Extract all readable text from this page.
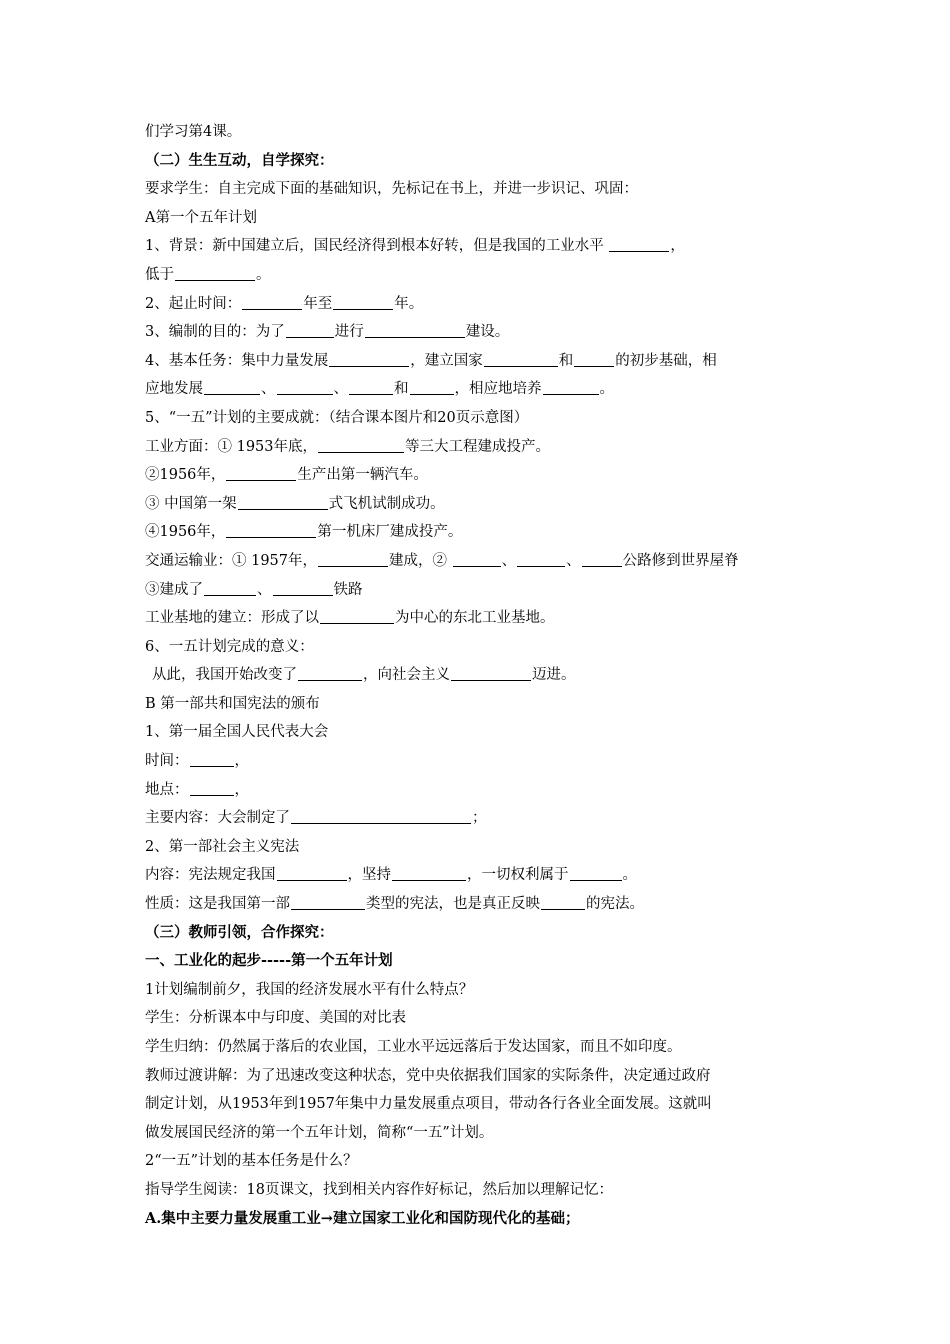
们学习第4课。
（二）生生互动，自学探究：
要求学生：自主完成下面的基础知识，先标记在书上，并进一步识记、巩固：
A第一个五年计划
1、背景：新中国建立后，国民经济得到根本好转，但是我国的工业水平	，
低于	。
2、起止时间：	年至	年。
3、编制的目的：为了	进行	建设。
4、基本任务：集中力量发展	，建立国家	和	的初步基础，相
应地发展	、	、	和	，相应地培养	。
5、“一五”计划的主要成就：（结合课本图片和20页示意图）
工业方面：① 1953年底，	等三大工程建成投产。
②1956年，	生产出第一辆汽车。
③ 中国第一架	式飞机试制成功。
④1956年，	第一机床厂建成投产。
交通运输业：① 1957年，	建成，②	、	、	公路修到世界屋脊
③建成了	、	铁路
工业基地的建立：形成了以	为中心的东北工业基地。
6、一五计划完成的意义：
从此，我国开始改变了	，向社会主义	迈进。
B 第一部共和国宪法的颁布
1、第一届全国人民代表大会
时间：	，
地点：	，
主要内容：大会制定了	；
2、第一部社会主义宪法
内容：宪法规定我国	，坚持	，一切权利属于	。
性质：这是我国第一部	类型的宪法，也是真正反映	的宪法。
（三）教师引领，合作探究：
一、工业化的起步-----第一个五年计划
1计划编制前夕，我国的经济发展水平有什么特点？
学生：分析课本中与印度、美国的对比表
学生归纳：仍然属于落后的农业国，工业水平远远落后于发达国家，而且不如印度。
教师过渡讲解：为了迅速改变这种状态，党中央依据我们国家的实际条件，决定通过政府
制定计划，从1953年到1957年集中力量发展重点项目，带动各行各业全面发展。这就叫
做发展国民经济的第一个五年计划，简称“一五”计划。
2“一五”计划的基本任务是什么？
指导学生阅读：18页课文，找到相关内容作好标记，然后加以理解记忆：
A.集中主要力量发展重工业→建立国家工业化和国防现代化的基础；
